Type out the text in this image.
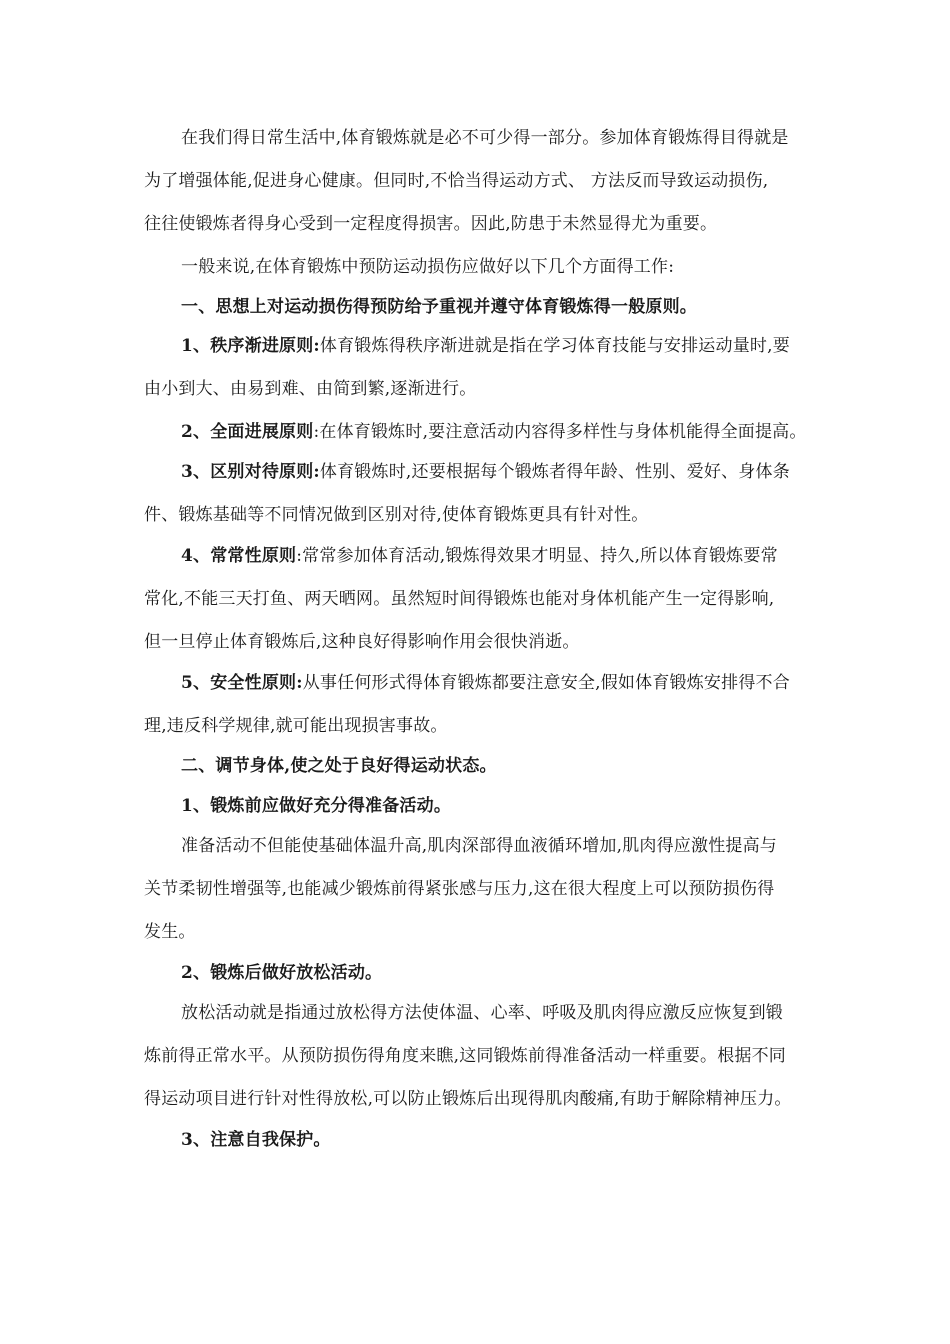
在我们得日常生活中,体育锻炼就是必不可少得一部分。参加体育锻炼得目得就是
为了增强体能,促进身心健康。但同时,不恰当得运动方式、 方法反而导致运动损伤,
往往使锻炼者得身心受到一定程度得损害。因此,防患于未然显得尤为重要。
一般来说,在体育锻炼中预防运动损伤应做好以下几个方面得工作:
一、思想上对运动损伤得预防给予重视并遵守体育锻炼得一般原则。
1、秩序渐进原则:体育锻炼得秩序渐进就是指在学习体育技能与安排运动量时,要
由小到大、由易到难、由简到繁,逐渐进行。
2、全面进展原则:在体育锻炼时,要注意活动内容得多样性与身体机能得全面提高。
3、区别对待原则:体育锻炼时,还要根据每个锻炼者得年龄、性别、爱好、身体条
件、锻炼基础等不同情况做到区别对待,使体育锻炼更具有针对性。
4、常常性原则:常常参加体育活动,锻炼得效果才明显、持久,所以体育锻炼要常
常化,不能三天打鱼、两天晒网。虽然短时间得锻炼也能对身体机能产生一定得影响,
但一旦停止体育锻炼后,这种良好得影响作用会很快消逝。
5、安全性原则:从事任何形式得体育锻炼都要注意安全,假如体育锻炼安排得不合
理,违反科学规律,就可能出现损害事故。
二、调节身体,使之处于良好得运动状态。
1、锻炼前应做好充分得准备活动。
准备活动不但能使基础体温升高,肌肉深部得血液循环增加,肌肉得应激性提高与
关节柔韧性增强等,也能减少锻炼前得紧张感与压力,这在很大程度上可以预防损伤得
发生。
2、锻炼后做好放松活动。
放松活动就是指通过放松得方法使体温、心率、呼吸及肌肉得应激反应恢复到锻
炼前得正常水平。从预防损伤得角度来瞧,这同锻炼前得准备活动一样重要。根据不同
得运动项目进行针对性得放松,可以防止锻炼后出现得肌肉酸痛,有助于解除精神压力。
3、注意自我保护。
